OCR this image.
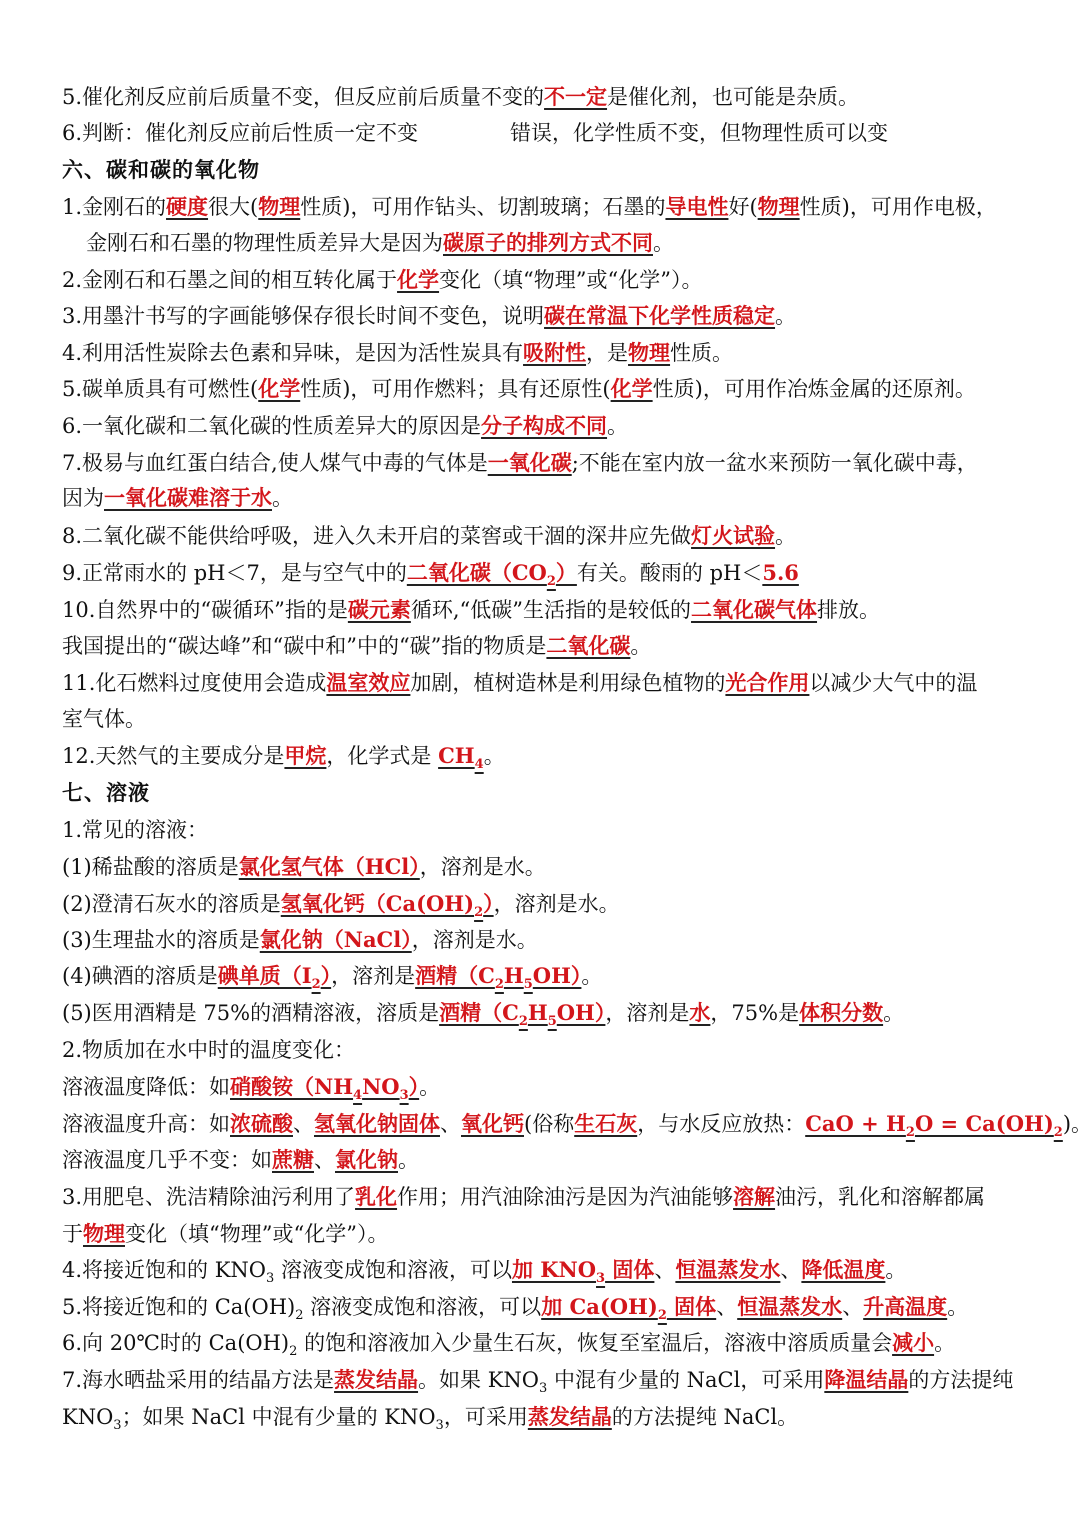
5.催化剂反应前后质量不变，但反应前后质量不变的不一定是催化剂，也可能是杂质。
6.判断：催化剂反应前后性质一定不变	错误，化学性质不变，但物理性质可以变
六、碳和碳的氧化物
1.金刚石的硬度很大(物理性质)，可用作钻头、切割玻璃；石墨的导电性好(物理性质)，可用作电极，
金刚石和石墨的物理性质差异大是因为碳原子的排列方式不同。
2.金刚石和石墨之间的相互转化属于化学变化（填“物理”或“化学”）。
3.用墨汁书写的字画能够保存很长时间不变色，说明碳在常温下化学性质稳定。
4.利用活性炭除去色素和异味，是因为活性炭具有吸附性，是物理性质。
5.碳单质具有可燃性(化学性质)，可用作燃料；具有还原性(化学性质)，可用作冶炼金属的还原剂。
6.一氧化碳和二氧化碳的性质差异大的原因是分子构成不同。
7.极易与血红蛋白结合,使人煤气中毒的气体是一氧化碳;不能在室内放一盆水来预防一氧化碳中毒，
因为一氧化碳难溶于水。
8.二氧化碳不能供给呼吸，进入久未开启的菜窖或干涸的深井应先做灯火试验。
9.正常雨水的 pH＜7，是与空气中的二氧化碳$(CO_2)$有关。酸雨的 pH＜5.6
10.自然界中的“碳循环”指的是碳元素循环,“低碳”生活指的是较低的二氧化碳气体排放。
我国提出的“碳达峰”和“碳中和”中的“碳”指的物质是二氧化碳。
11.化石燃料过度使用会造成温室效应加剧，植树造林是利用绿色植物的光合作用以减少大气中的温
室气体。
12.天然气的主要成分是甲烷，化学式是 $CH_4$。
七、溶液
1.常见的溶液：
(1)稀盐酸的溶质是氯化氢气体（HCl），溶剂是水。
(2)澄清石灰水的溶质是氢氧化钙$(Ca(OH)_2)$，溶剂是水。
(3)生理盐水的溶质是氯化钠（NaCl），溶剂是水。
(4)碘酒的溶质是碘单质$(I_2)$，溶剂是酒精$(C_2H_5OH)$。
(5)医用酒精是 75%的酒精溶液，溶质是酒精$(C_2H_5OH)$，溶剂是水，75%是体积分数。
2.物质加在水中时的温度变化：
溶液温度降低：如硝酸铵$(NH_4NO_3)$。
溶液温度升高：如浓硫酸、氢氧化钠固体、氧化钙(俗称生石灰，与水反应放热：CaO + $H_2O = Ca(OH)_2$)。
溶液温度几乎不变：如蔗糖、氯化钠。
3.用肥皂、洗洁精除油污利用了乳化作用；用汽油除油污是因为汽油能够溶解油污，乳化和溶解都属
于物理变化（填“物理”或“化学”）。
4.将接近饱和的 $KNO_3$ 溶液变成饱和溶液，可以加 $KNO_3$ 固体、恒温蒸发水、降低温度。
5.将接近饱和的 $Ca(OH)_2$ 溶液变成饱和溶液，可以加 $Ca(OH)_2$ 固体、恒温蒸发水、升高温度。
6.向 20℃时的 $Ca(OH)_2$ 的饱和溶液加入少量生石灰，恢复至室温后，溶液中溶质质量会减小。
7.海水晒盐采用的结晶方法是蒸发结晶。如果 $KNO_3$ 中混有少量的 NaCl，可采用降温结晶的方法提纯
$KNO_3$；如果 NaCl 中混有少量的 $KNO_3$，可采用蒸发结晶的方法提纯 NaCl。
